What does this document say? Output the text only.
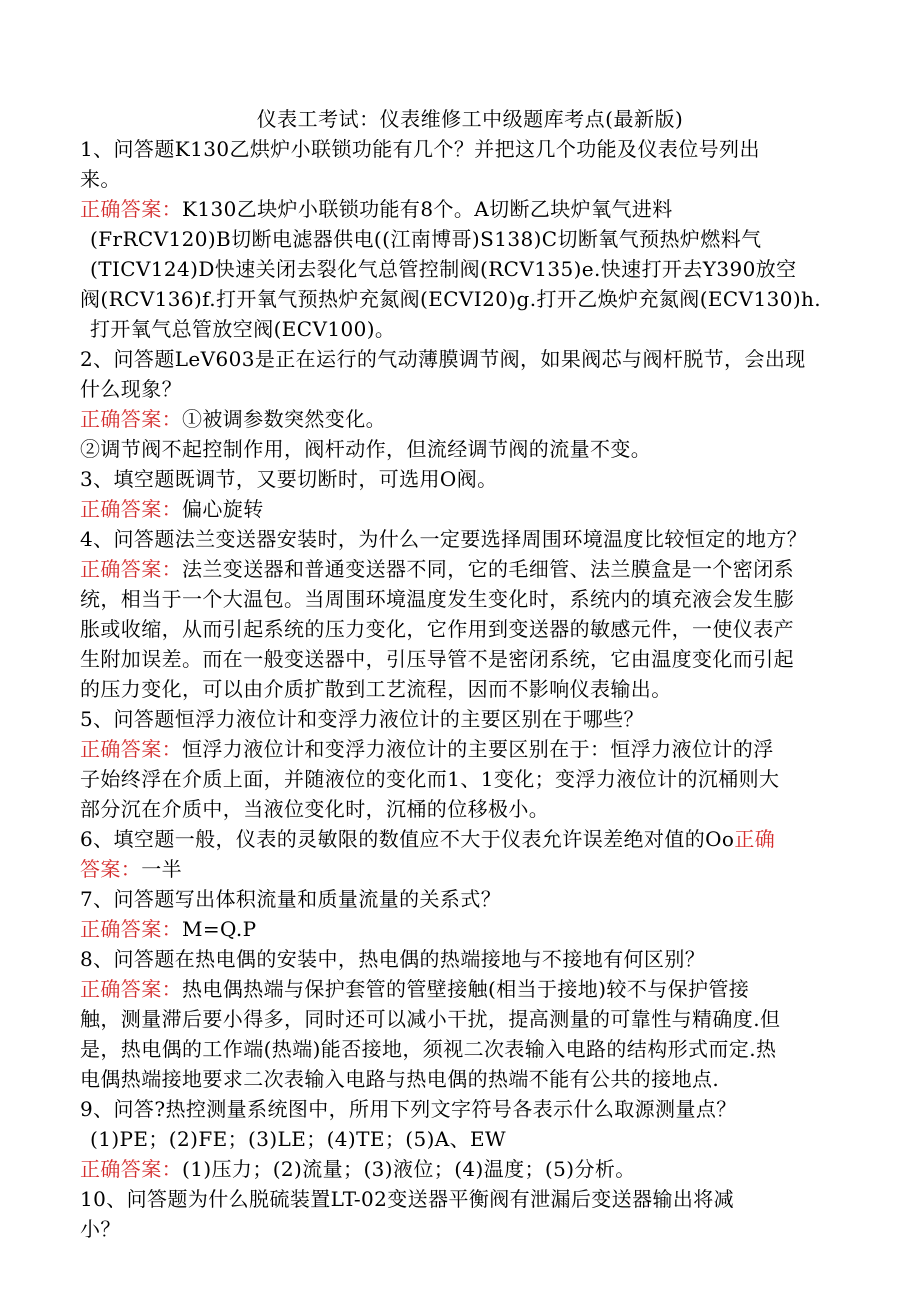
仪表工考试：仪表维修工中级题库考点(最新版)

1、问答题K130乙烘炉小联锁功能有几个？并把这几个功能及仪表位号列出

来。

正确答案：K130乙块炉小联锁功能有8个。A切断乙块炉氧气进料

(FrRCV120)B切断电滤器供电((江南博哥)S138)C切断氧气预热炉燃料气

(TICV124)D快速关闭去裂化气总管控制阀(RCV135)e.快速打开去Y390放空

阀(RCV136)f.打开氧气预热炉充氮阀(ECVI20)g.打开乙焕炉充氮阀(ECV130)h.

打开氧气总管放空阀(ECV100)。

2、问答题LeV603是正在运行的气动薄膜调节阀，如果阀芯与阀杆脱节，会出现

什么现象？

正确答案：①被调参数突然变化。

②调节阀不起控制作用，阀杆动作，但流经调节阀的流量不变。

3、填空题既调节，又要切断时，可选用O阀。

正确答案：偏心旋转

4、问答题法兰变送器安装时，为什么一定要选择周围环境温度比较恒定的地方？

正确答案：法兰变送器和普通变送器不同，它的毛细管、法兰膜盒是一个密闭系

统，相当于一个大温包。当周围环境温度发生变化时，系统内的填充液会发生膨

胀或收缩，从而引起系统的压力变化，它作用到变送器的敏感元件，一使仪表产

生附加误差。而在一般变送器中，引压导管不是密闭系统，它由温度变化而引起

的压力变化，可以由介质扩散到工艺流程，因而不影响仪表输出。

5、问答题恒浮力液位计和变浮力液位计的主要区别在于哪些？

正确答案：恒浮力液位计和变浮力液位计的主要区别在于：恒浮力液位计的浮

子始终浮在介质上面，并随液位的变化而1、1变化；变浮力液位计的沉桶则大

部分沉在介质中，当液位变化时，沉桶的位移极小。

6、填空题一般，仪表的灵敏限的数值应不大于仪表允许误差绝对值的Oo正确

答案：一半

7、问答题写出体积流量和质量流量的关系式？

正确答案：M=Q.P

8、问答题在热电偶的安装中，热电偶的热端接地与不接地有何区别？

正确答案：热电偶热端与保护套管的管壁接触(相当于接地)较不与保护管接

触，测量滞后要小得多，同时还可以减小干扰，提高测量的可靠性与精确度.但

是，热电偶的工作端(热端)能否接地，须视二次表输入电路的结构形式而定.热

电偶热端接地要求二次表输入电路与热电偶的热端不能有公共的接地点.

9、问答?热控测量系统图中，所用下列文字符号各表示什么取源测量点？

(1)PE；(2)FE；(3)LE；(4)TE；(5)A、EW

正确答案：(1)压力；(2)流量；(3)液位；(4)温度；(5)分析。

10、问答题为什么脱硫装置LT-02变送器平衡阀有泄漏后变送器输出将减

小？
